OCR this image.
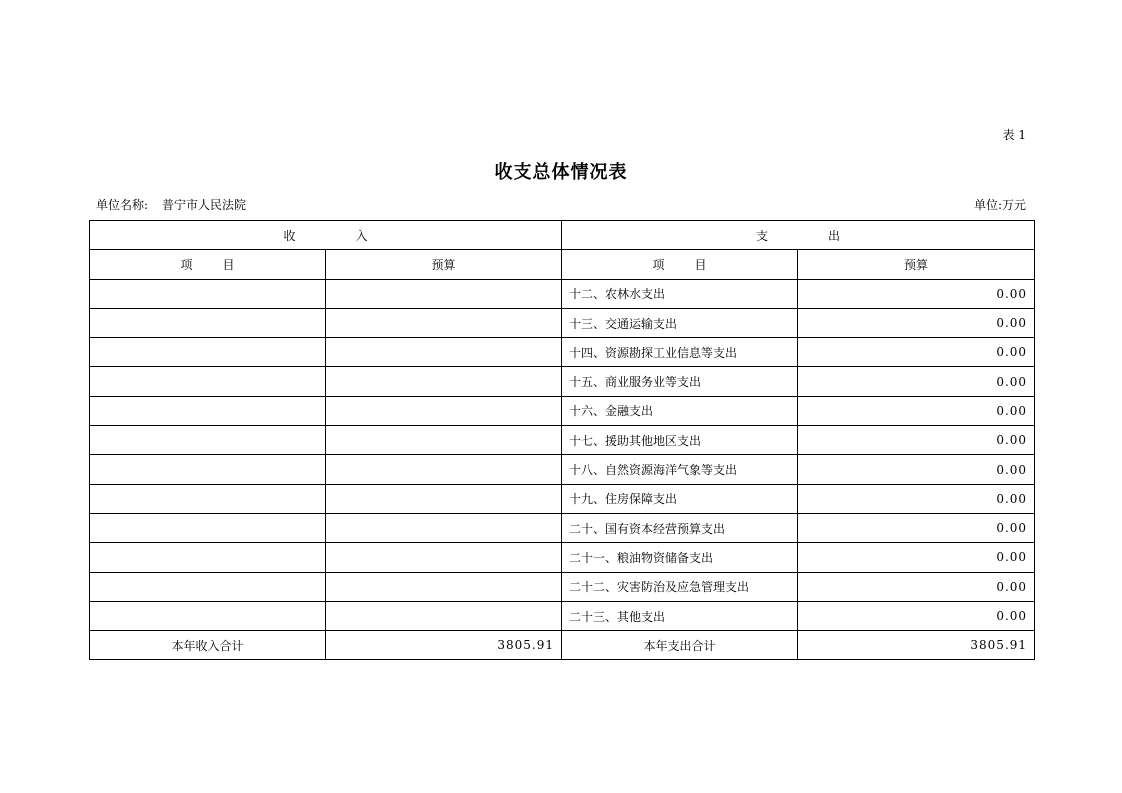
表 1
收支总体情况表
单位名称: 普宁市人民法院	单位:万元
收入		支出	
项目	预算	项目	预算
		十二、农林水支出	0.00
		十三、交通运输支出	0.00
		十四、资源勘探工业信息等支出	0.00
		十五、商业服务业等支出	0.00
		十六、金融支出	0.00
		十七、援助其他地区支出	0.00
		十八、自然资源海洋气象等支出	0.00
		十九、住房保障支出	0.00
		二十、国有资本经营预算支出	0.00
		二十一、粮油物资储备支出	0.00
		二十二、灾害防治及应急管理支出	0.00
		二十三、其他支出	0.00
本年收入合计	3805.91	本年支出合计	3805.91
